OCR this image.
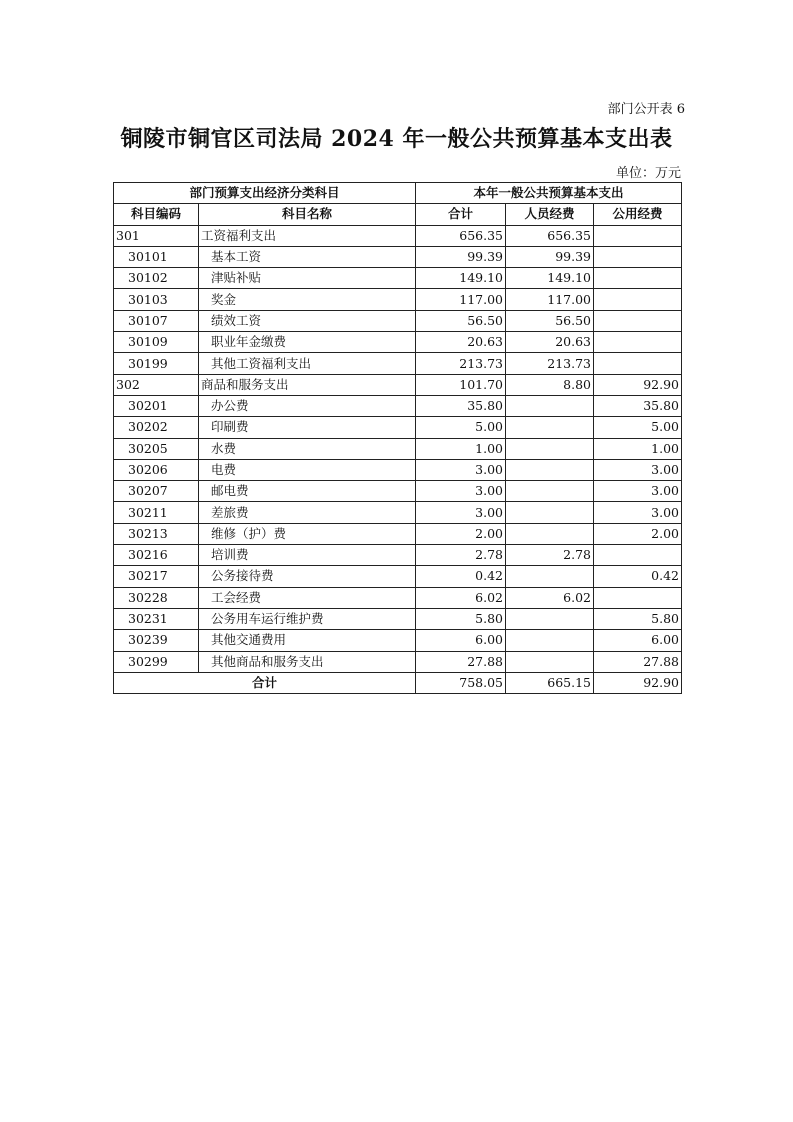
部门公开表 6
铜陵市铜官区司法局 2024 年一般公共预算基本支出表
单位：万元
部门预算支出经济分类科目		本年一般公共预算基本支出		
科目编码	科目名称	合计	人员经费	公用经费
301	工资福利支出	656.35	656.35	
30101	基本工资	99.39	99.39	
30102	津贴补贴	149.10	149.10	
30103	奖金	117.00	117.00	
30107	绩效工资	56.50	56.50	
30109	职业年金缴费	20.63	20.63	
30199	其他工资福利支出	213.73	213.73	
302	商品和服务支出	101.70	8.80	92.90
30201	办公费	35.80		35.80
30202	印刷费	5.00		5.00
30205	水费	1.00		1.00
30206	电费	3.00		3.00
30207	邮电费	3.00		3.00
30211	差旅费	3.00		3.00
30213	维修（护）费	2.00		2.00
30216	培训费	2.78	2.78	
30217	公务接待费	0.42		0.42
30228	工会经费	6.02	6.02	
30231	公务用车运行维护费	5.80		5.80
30239	其他交通费用	6.00		6.00
30299	其他商品和服务支出	27.88		27.88
合计		758.05	665.15	92.90
